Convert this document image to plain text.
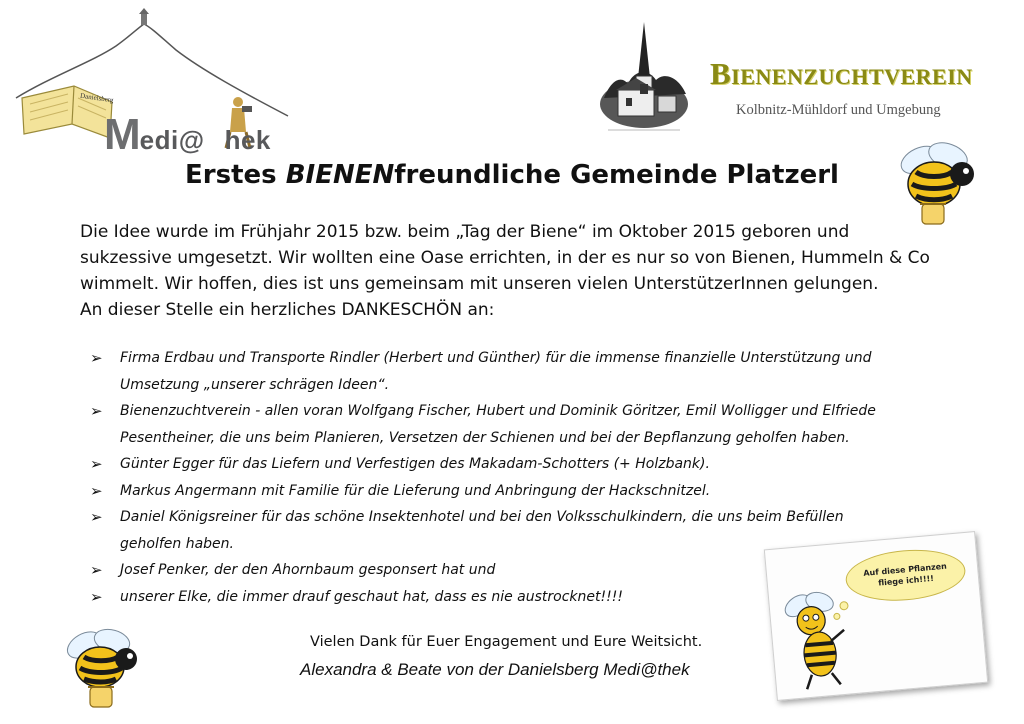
Danielsberg
Medi@ hek
Bienenzuchtverein
Kolbnitz-Mühldorf und Umgebung
Erstes BIENENfreundliche Gemeinde Platzerl
Die Idee wurde im Frühjahr 2015 bzw. beim „Tag der Biene“ im Oktober 2015 geboren und
sukzessive umgesetzt. Wir wollten eine Oase errichten, in der es nur so von Bienen, Hummeln & Co
wimmelt. Wir hoffen, dies ist uns gemeinsam mit unseren vielen UnterstützerInnen gelungen.
An dieser Stelle ein herzliches DANKESCHÖN an:
➢ Firma Erdbau und Transporte Rindler (Herbert und Günther) für die immense finanzielle Unterstützung und
Umsetzung „unserer schrägen Ideen“.
➢ Bienenzuchtverein - allen voran Wolfgang Fischer, Hubert und Dominik Göritzer, Emil Wolligger und Elfriede
Pesentheiner, die uns beim Planieren, Versetzen der Schienen und bei der Bepflanzung geholfen haben.
➢ Günter Egger für das Liefern und Verfestigen des Makadam-Schotters (+ Holzbank).
➢ Markus Angermann mit Familie für die Lieferung und Anbringung der Hackschnitzel.
➢ Daniel Königsreiner für das schöne Insektenhotel und bei den Volksschulkindern, die uns beim Befüllen
geholfen haben.
➢ Josef Penker, der den Ahornbaum gesponsert hat und
➢ unserer Elke, die immer drauf geschaut hat, dass es nie austrocknet!!!!
Vielen Dank für Euer Engagement und Eure Weitsicht.
Alexandra & Beate von der Danielsberg Medi@thek
Auf diese Pflanzen
fliege ich!!!!
